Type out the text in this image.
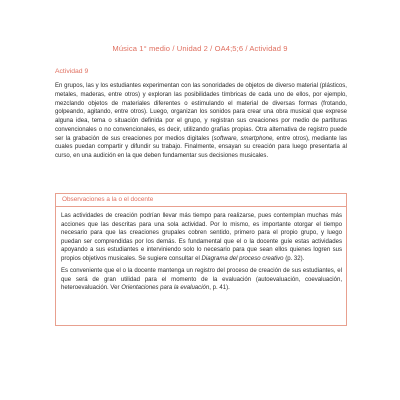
Música 1° medio / Unidad 2 / OA4;5;6 / Actividad 9
Actividad 9
En grupos, las y los estudiantes experimentan con las sonoridades de objetos de diverso material (plásticos, metales, maderas, entre otros) y exploran las posibilidades tímbricas de cada uno de ellos, por ejemplo, mezclando objetos de materiales diferentes o estimulando el material de diversas formas (frotando, golpeando, agitando, entre otros). Luego, organizan los sonidos para crear una obra musical que exprese alguna idea, tema o situación definida por el grupo, y registran sus creaciones por medio de partituras convencionales o no convencionales, es decir, utilizando grafías propias. Otra alternativa de registro puede ser la grabación de sus creaciones por medios digitales (software, smartphone, entre otros), mediante las cuales puedan compartir y difundir su trabajo. Finalmente, ensayan su creación para luego presentarla al curso, en una audición en la que deben fundamentar sus decisiones musicales.
Observaciones a la o el docente

Las actividades de creación podrían llevar más tiempo para realizarse, pues contemplan muchas más acciones que las descritas para una sola actividad. Por lo mismo, es importante otorgar el tiempo necesario para que las creaciones grupales cobren sentido, primero para el propio grupo, y luego puedan ser comprendidas por los demás. Es fundamental que el o la docente guíe estas actividades apoyando a sus estudiantes e interviniendo solo lo necesario para que sean ellos quienes logren sus propios objetivos musicales. Se sugiere consultar el Diagrama del proceso creativo (p. 32).

Es conveniente que el o la docente mantenga un registro del proceso de creación de sus estudiantes, el que será de gran utilidad para el momento de la evaluación (autoevaluación, coevaluación, heteroevaluación. Ver Orientaciones para la evaluación, p. 41).
